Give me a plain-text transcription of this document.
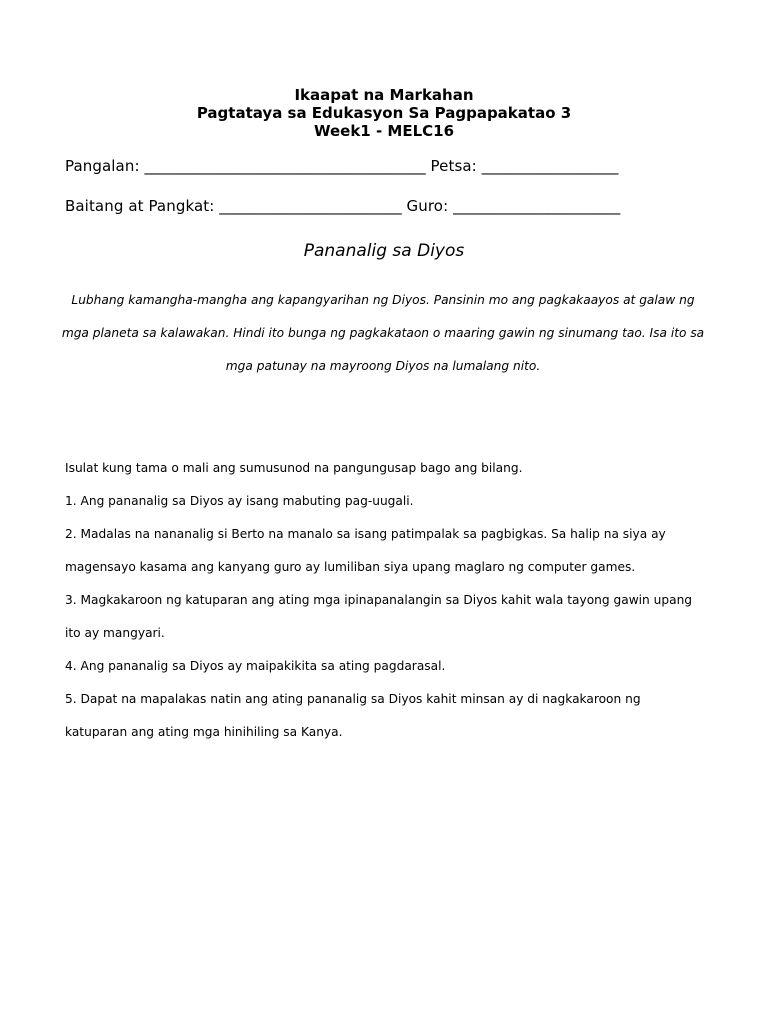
Ikaapat na Markahan
Pagtataya sa Edukasyon Sa Pagpapakatao 3
Week1 - MELC16
Pangalan: _____________________________________ Petsa: __________________
Baitang at Pangkat: ________________________ Guro: ______________________
Pananalig sa Diyos
Lubhang kamangha-mangha ang kapangyarihan ng Diyos. Pansinin mo ang pagkakaayos at galaw ng mga planeta sa kalawakan. Hindi ito bunga ng pagkakataon o maaring gawin ng sinumang tao. Isa ito sa mga patunay na mayroong Diyos na lumalang nito.

Isulat kung tama o mali ang sumusunod na pangungusap bago ang bilang.

1. Ang pananalig sa Diyos ay isang mabuting pag-uugali.

2. Madalas na nananalig si Berto na manalo sa isang patimpalak sa pagbigkas. Sa halip na siya ay magensayo kasama ang kanyang guro ay lumiliban siya upang maglaro ng computer games.

3. Magkakaroon ng katuparan ang ating mga ipinapanalangin sa Diyos kahit wala tayong gawin upang ito ay mangyari.

4. Ang pananalig sa Diyos ay maipakikita sa ating pagdarasal.

5. Dapat na mapalakas natin ang ating pananalig sa Diyos kahit minsan ay di nagkakaroon ng katuparan ang ating mga hinihiling sa Kanya.
